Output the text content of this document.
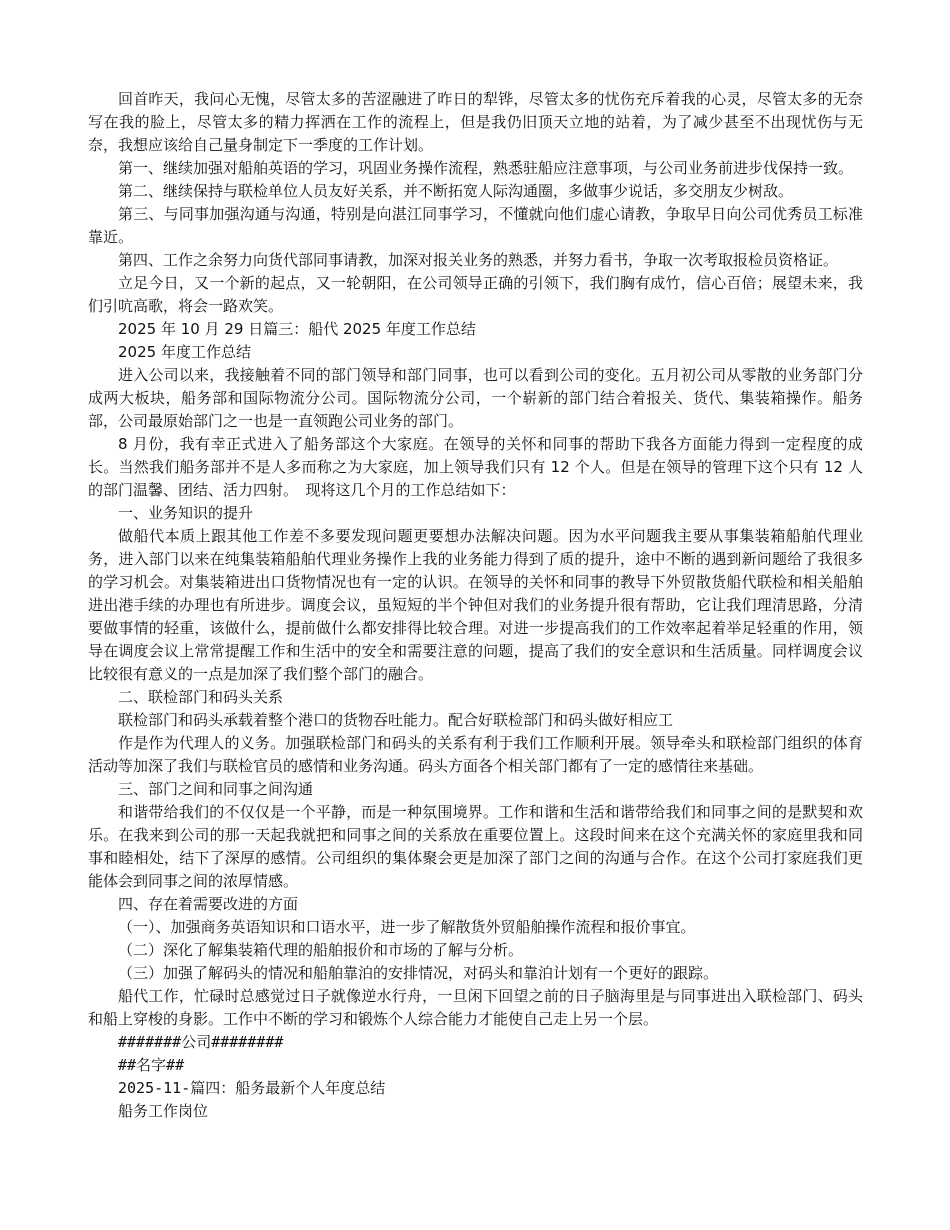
回首昨天，我问心无愧，尽管太多的苦涩融进了昨日的犁铧，尽管太多的忧伤充斥着我的心灵，尽管太多的无奈写在我的脸上，尽管太多的精力挥洒在工作的流程上，但是我仍旧顶天立地的站着，为了减少甚至不出现忧伤与无奈，我想应该给自己量身制定下一季度的工作计划。

第一、继续加强对船舶英语的学习，巩固业务操作流程，熟悉驻船应注意事项，与公司业务前进步伐保持一致。

第二、继续保持与联检单位人员友好关系，并不断拓宽人际沟通圈，多做事少说话，多交朋友少树敌。

第三、与同事加强沟通与沟通，特别是向湛江同事学习，不懂就向他们虚心请教，争取早日向公司优秀员工标准靠近。

第四、工作之余努力向货代部同事请教，加深对报关业务的熟悉，并努力看书，争取一次考取报检员资格证。

立足今日，又一个新的起点，又一轮朝阳，在公司领导正确的引领下，我们胸有成竹，信心百倍；展望未来，我们引吭高歌，将会一路欢笑。

2025 年 10 月 29 日篇三：船代 2025 年度工作总结

2025 年度工作总结

进入公司以来，我接触着不同的部门领导和部门同事，也可以看到公司的变化。五月初公司从零散的业务部门分成两大板块，船务部和国际物流分公司。国际物流分公司，一个崭新的部门结合着报关、货代、集装箱操作。船务部，公司最原始部门之一也是一直领跑公司业务的部门。

8 月份，我有幸正式进入了船务部这个大家庭。在领导的关怀和同事的帮助下我各方面能力得到一定程度的成长。当然我们船务部并不是人多而称之为大家庭，加上领导我们只有 12 个人。但是在领导的管理下这个只有 12 人的部门温馨、团结、活力四射。　现将这几个月的工作总结如下：

一、业务知识的提升

做船代本质上跟其他工作差不多要发现问题更要想办法解决问题。因为水平问题我主要从事集装箱船舶代理业务，进入部门以来在纯集装箱船舶代理业务操作上我的业务能力得到了质的提升，途中不断的遇到新问题给了我很多的学习机会。对集装箱进出口货物情况也有一定的认识。在领导的关怀和同事的教导下外贸散货船代联检和相关船舶进出港手续的办理也有所进步。调度会议，虽短短的半个钟但对我们的业务提升很有帮助，它让我们理清思路，分清要做事情的轻重，该做什么，提前做什么都安排得比较合理。对进一步提高我们的工作效率起着举足轻重的作用，领导在调度会议上常常提醒工作和生活中的安全和需要注意的问题，提高了我们的安全意识和生活质量。同样调度会议比较很有意义的一点是加深了我们整个部门的融合。

二、联检部门和码头关系

联检部门和码头承载着整个港口的货物吞吐能力。配合好联检部门和码头做好相应工

作是作为代理人的义务。加强联检部门和码头的关系有利于我们工作顺利开展。领导牵头和联检部门组织的体育活动等加深了我们与联检官员的感情和业务沟通。码头方面各个相关部门都有了一定的感情往来基础。

三、部门之间和同事之间沟通

和谐带给我们的不仅仅是一个平静，而是一种氛围境界。工作和谐和生活和谐带给我们和同事之间的是默契和欢乐。在我来到公司的那一天起我就把和同事之间的关系放在重要位置上。这段时间来在这个充满关怀的家庭里我和同事和睦相处，结下了深厚的感情。公司组织的集体聚会更是加深了部门之间的沟通与合作。在这个公司打家庭我们更能体会到同事之间的浓厚情感。

四、存在着需要改进的方面

（一）、加强商务英语知识和口语水平，进一步了解散货外贸船舶操作流程和报价事宜。

（二）深化了解集装箱代理的船舶报价和市场的了解与分析。

（三）加强了解码头的情况和船舶靠泊的安排情况，对码头和靠泊计划有一个更好的跟踪。

船代工作，忙碌时总感觉过日子就像逆水行舟，一旦闲下回望之前的日子脑海里是与同事进出入联检部门、码头和船上穿梭的身影。工作中不断的学习和锻炼个人综合能力才能使自己走上另一个层。

#######公司########

##名字##

2025-11-篇四：船务最新个人年度总结

船务工作岗位
